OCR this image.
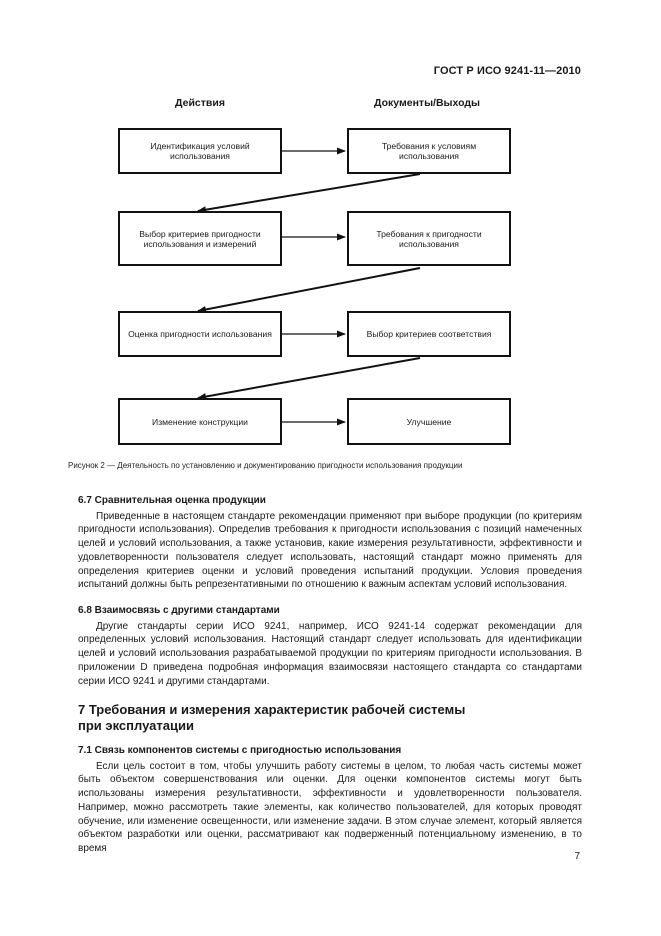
ГОСТ Р ИСО 9241-11—2010
Действия	Документы/Выходы
Идентификация условий использования
Выбор критериев пригодности использования и измерений
Оценка пригодности использования
Изменение конструкции
Требования к условиям использования
Требования к пригодности использования
Выбор критериев соответствия
Улучшение
Рисунок 2 — Деятельность по установлению и документированию пригодности использования продукции

6.7 Сравнительная оценка продукции

Приведенные в настоящем стандарте рекомендации применяют при выборе продукции (по критериям пригодности использования). Определив требования к пригодности использования с позиций намеченных целей и условий использования, а также установив, какие измерения результативности, эффективности и удовлетворенности пользователя следует использовать, настоящий стандарт можно применять для определения критериев оценки и условий проведения испытаний продукции. Условия проведения испытаний должны быть репрезентативными по отношению к важным аспектам условий использования.

6.8 Взаимосвязь с другими стандартами

Другие стандарты серии ИСО 9241, например, ИСО 9241-14 содержат рекомендации для определенных условий использования. Настоящий стандарт следует использовать для идентификации целей и условий использования разрабатываемой продукции по критериям пригодности использования. В приложении D приведена подробная информация взаимосвязи настоящего стандарта со стандартами серии ИСО 9241 и другими стандартами.

7 Требования и измерения характеристик рабочей системы
при эксплуатации

7.1 Связь компонентов системы с пригодностью использования

Если цель состоит в том, чтобы улучшить работу системы в целом, то любая часть системы может быть объектом совершенствования или оценки. Для оценки компонентов системы могут быть использованы измерения результативности, эффективности и удовлетворенности пользователя. Например, можно рассмотреть такие элементы, как количество пользователей, для которых проводят обучение, или изменение освещенности, или изменение задачи. В этом случае элемент, который является объектом разработки или оценки, рассматривают как подверженный потенциальному изменению, в то время

7
